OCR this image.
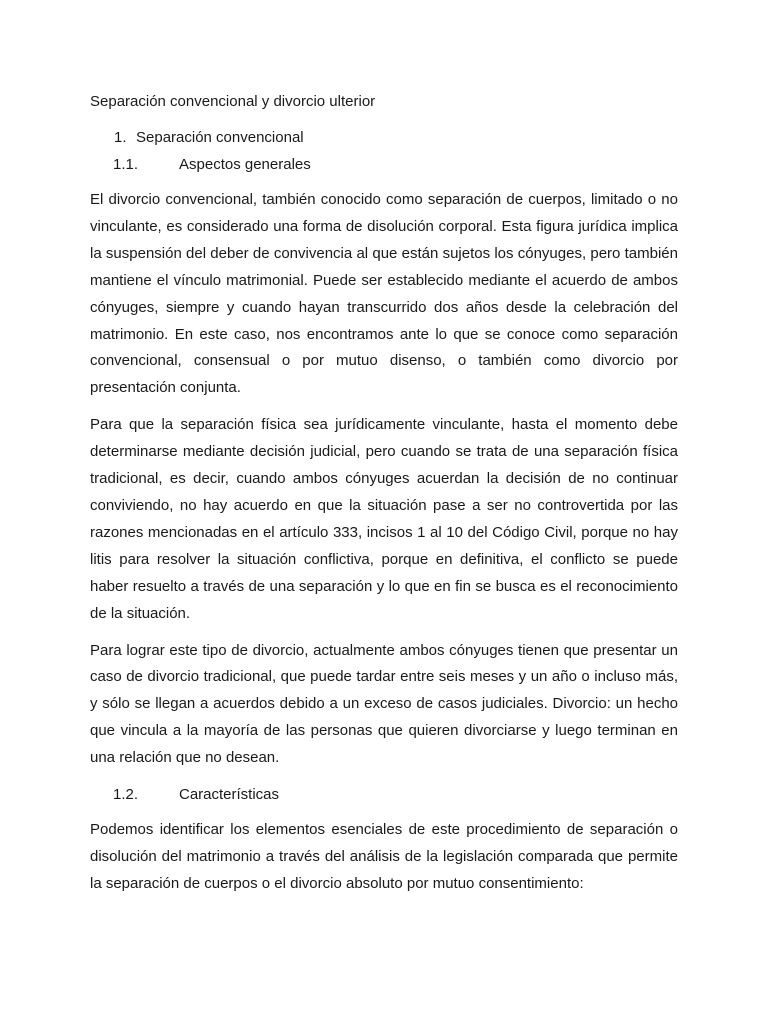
Separación convencional y divorcio ulterior
1. Separación convencional
1.1.	Aspectos generales

El divorcio convencional, también conocido como separación de cuerpos, limitado o no vinculante, es considerado una forma de disolución corporal. Esta figura jurídica implica la suspensión del deber de convivencia al que están sujetos los cónyuges, pero también mantiene el vínculo matrimonial. Puede ser establecido mediante el acuerdo de ambos cónyuges, siempre y cuando hayan transcurrido dos años desde la celebración del matrimonio. En este caso, nos encontramos ante lo que se conoce como separación convencional, consensual o por mutuo disenso, o también como divorcio por presentación conjunta.

Para que la separación física sea jurídicamente vinculante, hasta el momento debe determinarse mediante decisión judicial, pero cuando se trata de una separación física tradicional, es decir, cuando ambos cónyuges acuerdan la decisión de no continuar conviviendo, no hay acuerdo en que la situación pase a ser no controvertida por las razones mencionadas en el artículo 333, incisos 1 al 10 del Código Civil, porque no hay litis para resolver la situación conflictiva, porque en definitiva, el conflicto se puede haber resuelto a través de una separación y lo que en fin se busca es el reconocimiento de la situación.

Para lograr este tipo de divorcio, actualmente ambos cónyuges tienen que presentar un caso de divorcio tradicional, que puede tardar entre seis meses y un año o incluso más, y sólo se llegan a acuerdos debido a un exceso de casos judiciales. Divorcio: un hecho que vincula a la mayoría de las personas que quieren divorciarse y luego terminan en una relación que no desean.

1.2.	Características

Podemos identificar los elementos esenciales de este procedimiento de separación o disolución del matrimonio a través del análisis de la legislación comparada que permite la separación de cuerpos o el divorcio absoluto por mutuo consentimiento:
